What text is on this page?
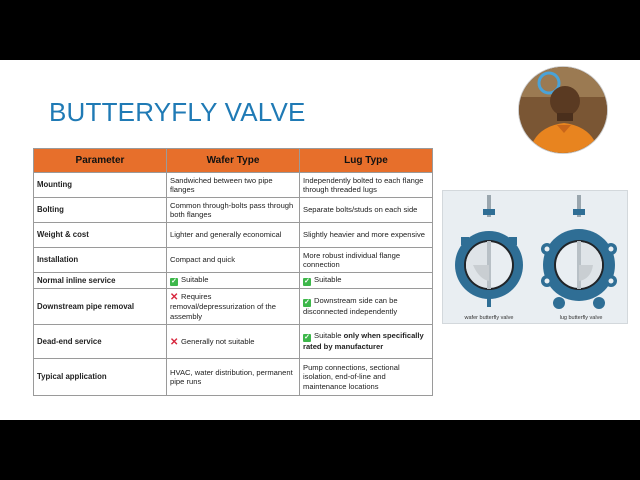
BUTTERYFLY VALVE
Parameter	Wafer Type	Lug Type
Mounting	Sandwiched between two pipe flanges	Independently bolted to each flange through threaded lugs
Bolting	Common through-bolts pass through both flanges	Separate bolts/studs on each side
Weight & cost	Lighter and generally economical	Slightly heavier and more expensive
Installation	Compact and quick	More robust individual flange connection
Normal inline service	✓ Suitable	✓ Suitable
Downstream pipe removal	✕ Requires removal/depressurization of the assembly	✓ Downstream side can be disconnected independently
Dead-end service	✕ Generally not suitable	✓ Suitable only when specifically rated by manufacturer
Typical application	HVAC, water distribution, permanent pipe runs	Pump connections, sectional isolation, end-of-line and maintenance locations
wafer butterfly valve	lug butterfly valve
